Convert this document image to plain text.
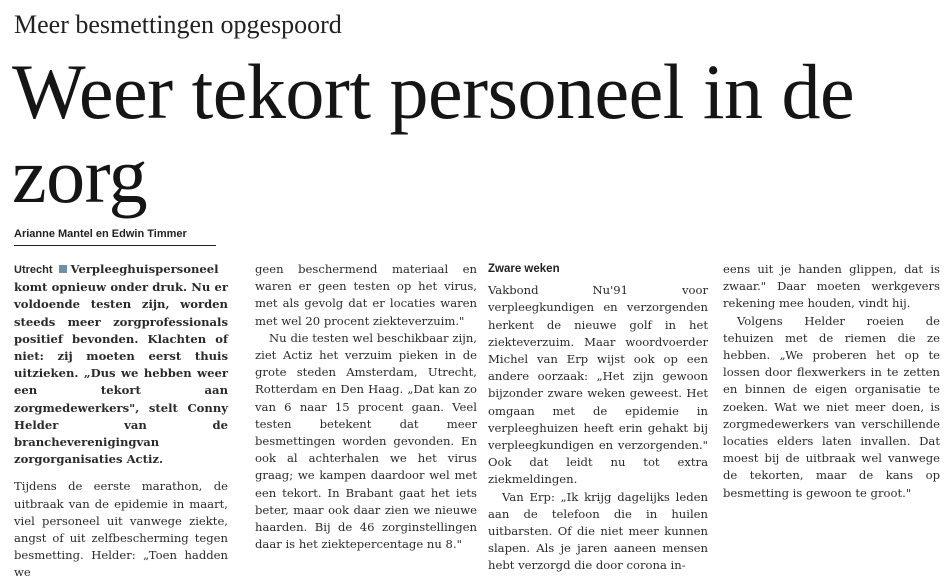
Meer besmettingen opgespoord
Weer tekort personeel in de zorg
Arianne Mantel en Edwin Timmer

Utrecht Verpleeghuispersoneel komt opnieuw onder druk. Nu er voldoende testen zijn, worden steeds meer zorgprofessionals positief bevonden. Klachten of niet: zij moeten eerst thuis uitzieken. „Dus we hebben weer een tekort aan zorgmedewerkers", stelt Conny Helder van de brancheverenigingvan zorgorganisaties Actiz.

Tijdens de eerste marathon, de uitbraak van de epidemie in maart, viel personeel uit vanwege ziekte, angst of uit zelfbescherming tegen besmetting. Helder: „Toen hadden we

geen beschermend materiaal en waren er geen testen op het virus, met als gevolg dat er locaties waren met wel 20 procent ziekteverzuim."

Nu die testen wel beschikbaar zijn, ziet Actiz het verzuim pieken in de grote steden Amsterdam, Utrecht, Rotterdam en Den Haag. „Dat kan zo van 6 naar 15 procent gaan. Veel testen betekent dat meer besmettingen worden gevonden. En ook al achterhalen we het virus graag; we kampen daardoor wel met een tekort. In Brabant gaat het iets beter, maar ook daar zien we nieuwe haarden. Bij de 46 zorginstellingen daar is het ziektepercentage nu 8."

Zware weken

Vakbond Nu'91 voor verpleegkundigen en verzorgenden herkent de nieuwe golf in het ziekteverzuim. Maar woordvoerder Michel van Erp wijst ook op een andere oorzaak: „Het zijn gewoon bijzonder zware weken geweest. Het omgaan met de epidemie in verpleeghuizen heeft erin gehakt bij verpleegkundigen en verzorgenden." Ook dat leidt nu tot extra ziekmeldingen.

Van Erp: „Ik krijg dagelijks leden aan de telefoon die in huilen uitbarsten. Of die niet meer kunnen slapen. Als je jaren aaneen mensen hebt verzorgd die door corona in-

eens uit je handen glippen, dat is zwaar." Daar moeten werkgevers rekening mee houden, vindt hij.

Volgens Helder roeien de tehuizen met de riemen die ze hebben. „We proberen het op te lossen door flexwerkers in te zetten en binnen de eigen organisatie te zoeken. Wat we niet meer doen, is zorgmedewerkers van verschillende locaties elders laten invallen. Dat moest bij de uitbraak wel vanwege de tekorten, maar de kans op besmetting is gewoon te groot."
